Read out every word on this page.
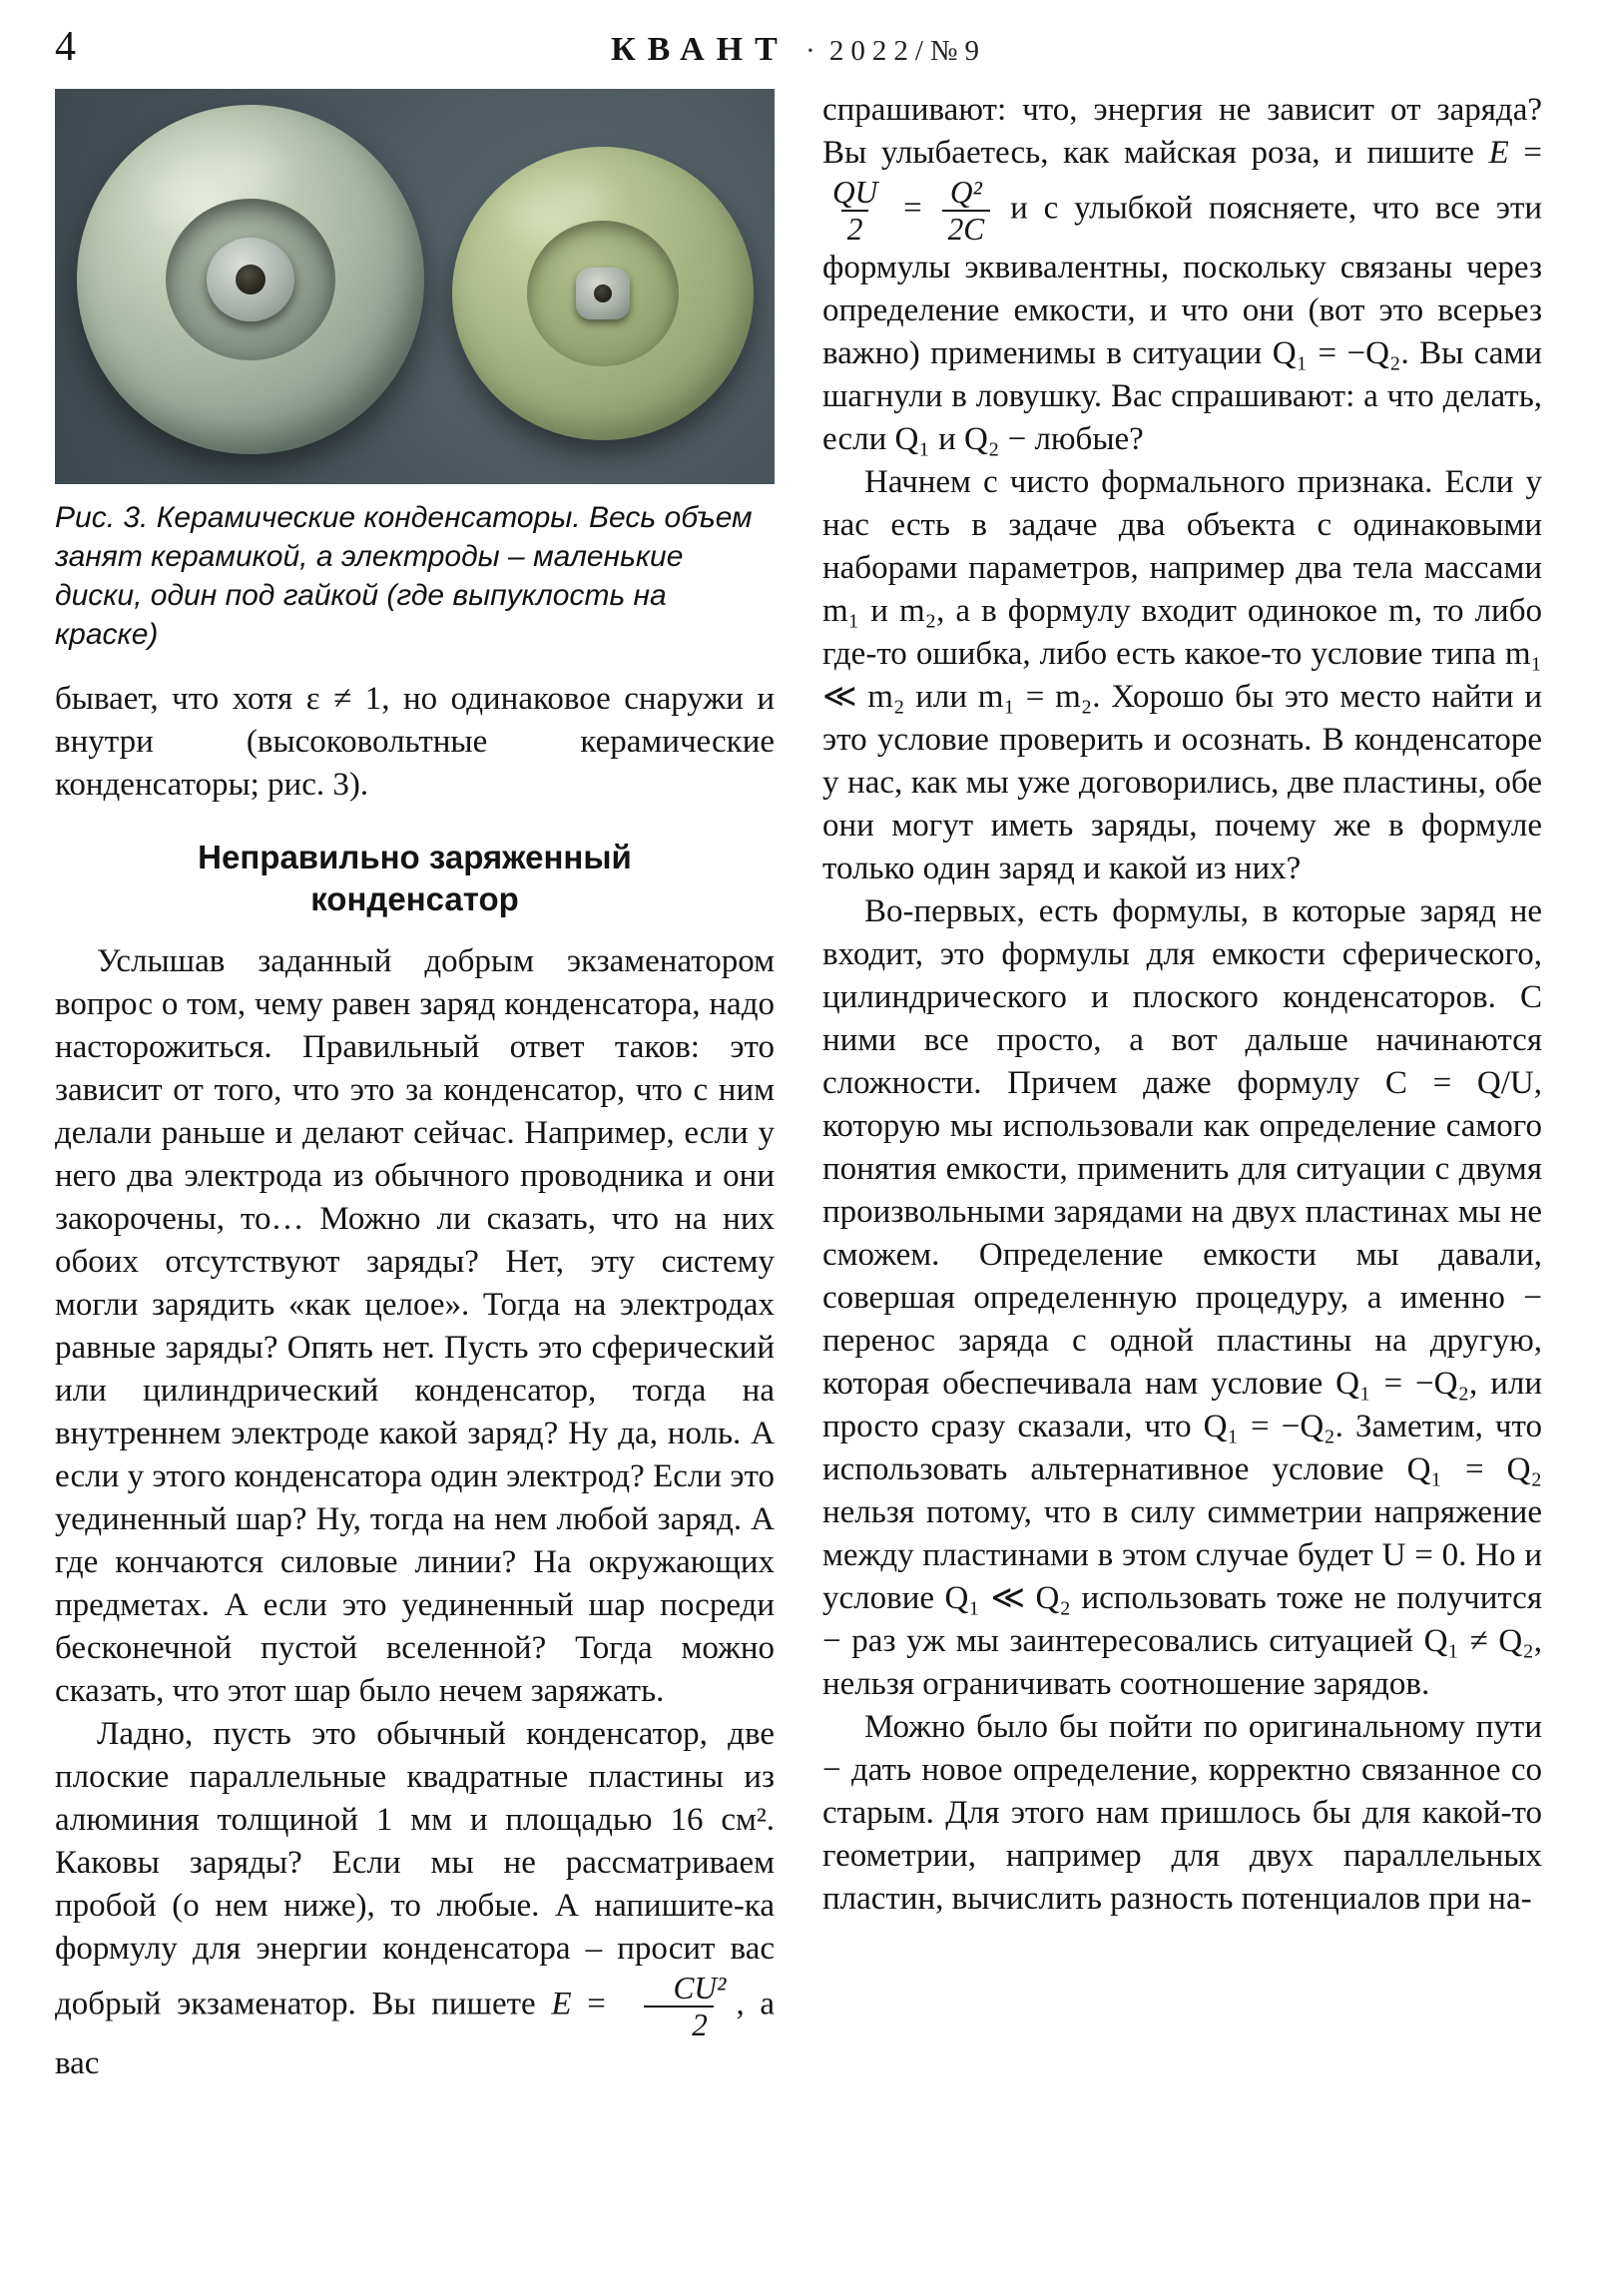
4	КВАНТ · 2022/№9
Рис. 3. Керамические конденсаторы. Весь объем занят керамикой, а электроды – маленькие диски, один под гайкой (где выпуклость на краске)

бывает, что хотя ε ≠ 1, но одинаковое снаружи и внутри (высоковольтные керамические конденсаторы; рис. 3).

Неправильно заряженный
конденсатор

Услышав заданный добрым экзаменатором вопрос о том, чему равен заряд конденсатора, надо насторожиться. Правильный ответ таков: это зависит от того, что это за конденсатор, что с ним делали раньше и делают сейчас. Например, если у него два электрода из обычного проводника и они закорочены, то… Можно ли сказать, что на них обоих отсутствуют заряды? Нет, эту систему могли зарядить «как целое». Тогда на электродах равные заряды? Опять нет. Пусть это сферический или цилиндрический конденсатор, тогда на внутреннем электроде какой заряд? Ну да, ноль. А если у этого конденсатора один электрод? Если это уединенный шар? Ну, тогда на нем любой заряд. А где кончаются силовые линии? На окружающих предметах. А если это уединенный шар посреди бесконечной пустой вселенной? Тогда можно сказать, что этот шар было нечем заряжать.

Ладно, пусть это обычный конденсатор, две плоские параллельные квадратные пластины из алюминия толщиной 1 мм и площадью 16 см². Каковы заряды? Если мы не рассматриваем пробой (о нем ниже), то любые. А напишите-ка формулу для энергии конденсатора – просит вас добрый экзаменатор. Вы пишете $E = \frac{\text{CU²}}{2}$ , а вас

спрашивают: что, энергия не зависит от заряда? Вы улыбаетесь, как майская роза, и пишите E =
$\frac{QU}{2} = \frac{\text{Q²}}{2C}$ и с улыбкой поясняете, что все эти формулы эквивалентны, поскольку связаны через определение емкости, и что они (вот это всерьез важно) применимы в ситуации Q₁ = −Q₂. Вы сами шагнули в ловушку. Вас спрашивают: а что делать, если Q₁ и Q₂ − любые?

Начнем с чисто формального признака. Если у нас есть в задаче два объекта с одинаковыми наборами параметров, например два тела массами m₁ и m₂, а в формулу входит одинокое m, то либо где-то ошибка, либо есть какое-то условие типа m₁ ≪ m₂ или m₁ = m₂. Хорошо бы это место найти и это условие проверить и осознать. В конденсаторе у нас, как мы уже договорились, две пластины, обе они могут иметь заряды, почему же в формуле только один заряд и какой из них?

Во-первых, есть формулы, в которые заряд не входит, это формулы для емкости сферического, цилиндрического и плоского конденсаторов. С ними все просто, а вот дальше начинаются сложности. Причем даже формулу C = Q/U, которую мы использовали как определение самого понятия емкости, применить для ситуации с двумя произвольными зарядами на двух пластинах мы не сможем. Определение емкости мы давали, совершая определенную процедуру, а именно − перенос заряда с одной пластины на другую, которая обеспечивала нам условие Q₁ = −Q₂, или просто сразу сказали, что Q₁ = −Q₂. Заметим, что использовать альтернативное условие Q₁ = Q₂ нельзя потому, что в силу симметрии напряжение между пластинами в этом случае будет U = 0. Но и условие Q₁ ≪ Q₂ использовать тоже не получится − раз уж мы заинтересовались ситуацией Q₁ ≠ Q₂, нельзя ограничивать соотношение зарядов.

Можно было бы пойти по оригинальному пути − дать новое определение, корректно связанное со старым. Для этого нам пришлось бы для какой-то геометрии, например для двух параллельных пластин, вычислить разность потенциалов при на-
